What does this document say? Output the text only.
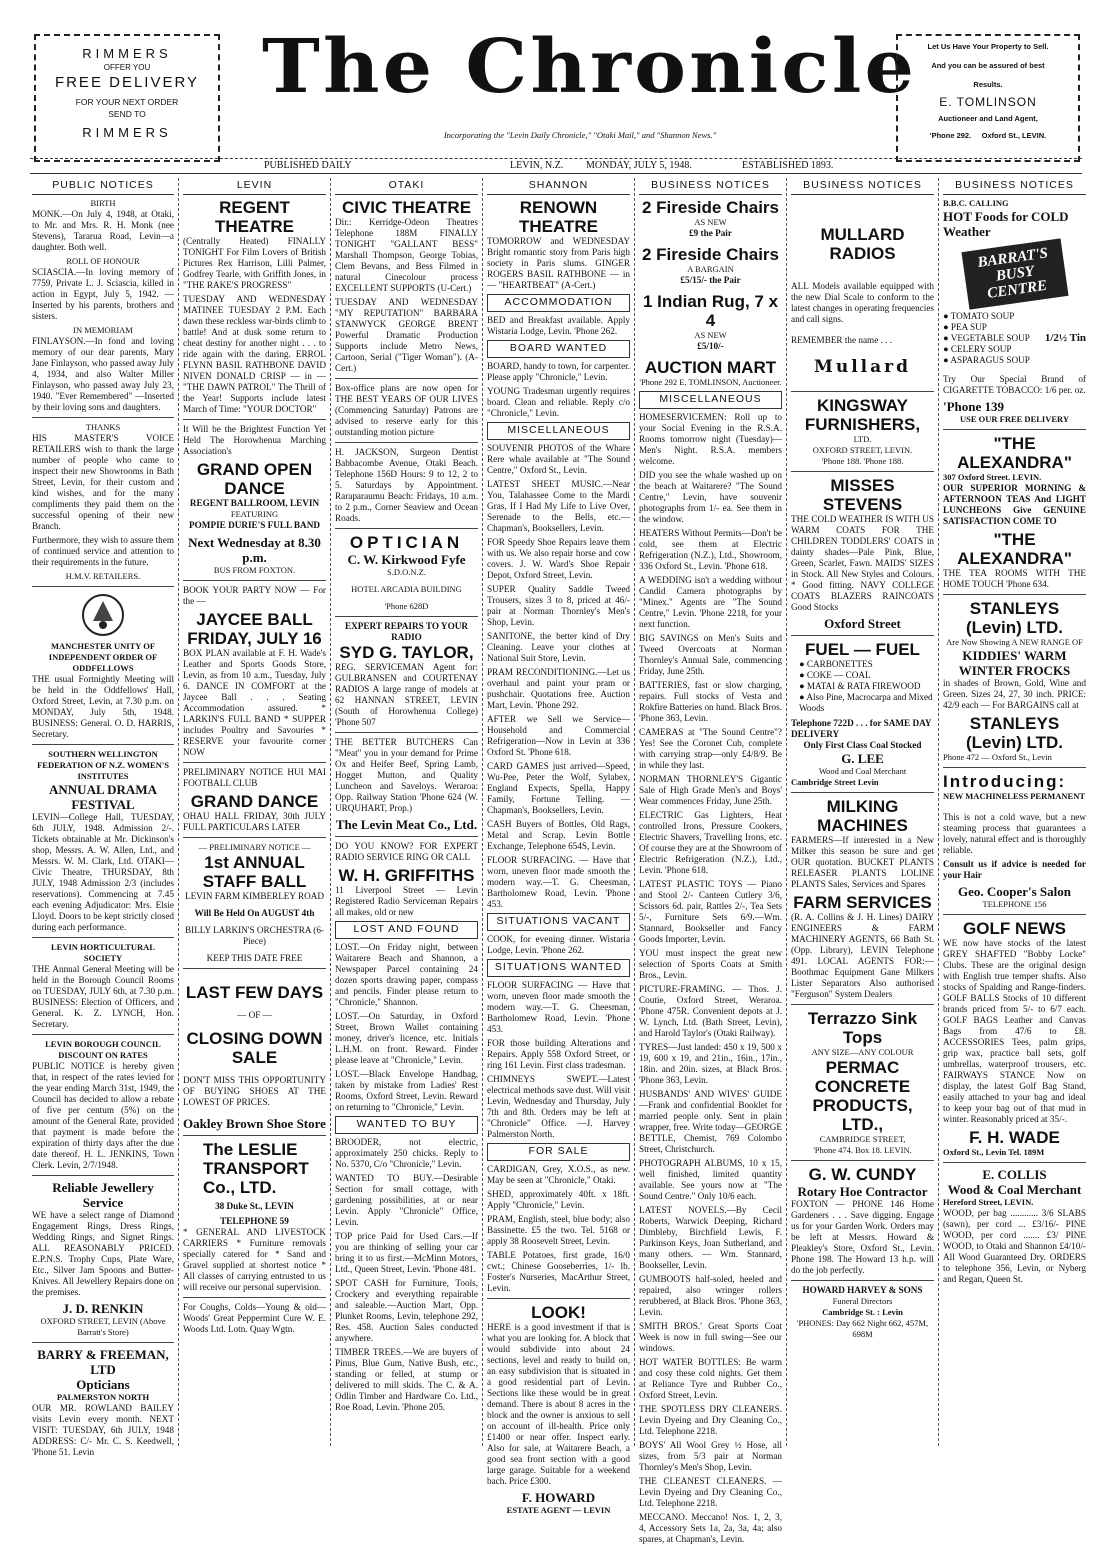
RIMMERS
OFFER YOU
FREE DELIVERY
FOR YOUR NEXT ORDER
SEND TO
RIMMERS
The Chronicle
Incorporating the "Levin Daily Chronicle," "Otaki Mail," and "Shannon News."
Let Us Have Your Property to Sell.
And you can be assured of best
Results.
E. TOMLINSON
Auctioneer and Land Agent,
'Phone 292. Oxford St., LEVIN.
PUBLISHED DAILY	LEVIN, N.Z. MONDAY, JULY 5, 1948.	ESTABLISHED 1893.
PUBLIC NOTICES
BIRTH

MONK.—On July 4, 1948, at Otaki, to Mr. and Mrs. R. H. Monk (nee Stevens), Tararua Road, Levin—a daughter. Both well.

ROLL OF HONOUR

SCIASCIA.—In loving memory of 7759, Private L. J. Sciascia, killed in action in Egypt, July 5, 1942. —Inserted by his parents, brothers and sisters.

IN MEMORIAM

FINLAYSON.—In fond and loving memory of our dear parents, Mary Jane Finlayson, who passed away July 4, 1934, and also Walter Miller Finlayson, who passed away July 23, 1940. "Ever Remembered" —Inserted by their loving sons and daughters.

THANKS

HIS MASTER'S VOICE RETAILERS wish to thank the large number of people who came to inspect their new Showrooms in Bath Street, Levin, for their custom and kind wishes, and for the many compliments they paid them on the successful opening of their new Branch.

Furthermore, they wish to assure them of continued service and attention to their requirements in the future.

H.M.V. RETAILERS.
MANCHESTER UNITY OF INDEPENDENT ORDER OF ODDFELLOWS

THE usual Fortnightly Meeting will be held in the Oddfellows' Hall, Oxford Street, Levin, at 7.30 p.m. on MONDAY, July 5th, 1948. BUSINESS: General. O. D. HARRIS, Secretary.

SOUTHERN WELLINGTON FEDERATION OF N.Z. WOMEN'S INSTITUTES
ANNUAL DRAMA FESTIVAL

LEVIN—College Hall, TUESDAY, 6th JULY, 1948. Admission 2/-. Tickets obtainable at Mr. Dickinson's shop, Messrs. A. W. Allen, Ltd., and Messrs. W. M. Clark, Ltd. OTAKI—Civic Theatre, THURSDAY, 8th JULY, 1948 Admission 2/3 (includes reservations). Commencing at 7.45 each evening Adjudicator: Mrs. Elsie Lloyd. Doors to be kept strictly closed during each performance.

LEVIN HORTICULTURAL SOCIETY

THE Annual General Meeting will be held in the Borough Council Rooms on TUESDAY, JULY 6th, at 7.30 p.m. BUSINESS: Election of Officers, and General. K. Z. LYNCH, Hon. Secretary.

LEVIN BOROUGH COUNCIL DISCOUNT ON RATES

PUBLIC NOTICE is hereby given that, in respect of the rates levied for the year ending March 31st, 1949, the Council has decided to allow a rebate of five per centum (5%) on the amount of the General Rate, provided that payment is made before the expiration of thirty days after the due date thereof. H. L. JENKINS, Town Clerk. Levin, 2/7/1948.

Reliable Jewellery Service

WE have a select range of Diamond Engagement Rings, Dress Rings, Wedding Rings, and Signet Rings. ALL REASONABLY PRICED. E.P.N.S. Trophy Cups, Plate Ware, Etc., Silver Jam Spoons and Butter-Knives. All Jewellery Repairs done on the premises.

J. D. RENKIN
OXFORD STREET, LEVIN (Above Barratt's Store)
BARRY & FREEMAN, LTD
Opticians
PALMERSTON NORTH

OUR MR. ROWLAND BAILEY visits Levin every month. NEXT VISIT: TUESDAY, 6th JULY, 1948 ADDRESS: C/- Mr. C. S. Keedwell, 'Phone 51. Levin

LEVIN
REGENT THEATRE

(Centrally Heated) FINALLY TONIGHT For Film Lovers of British Pictures Rex Harrison, Lilli Palmer, Godfrey Tearle, with Griffith Jones, in "THE RAKE'S PROGRESS"

TUESDAY AND WEDNESDAY MATINEE TUESDAY 2 P.M. Each dawn these reckless war-birds climb to battle! And at dusk some return to cheat destiny for another night . . . to ride again with the daring. ERROL FLYNN BASIL RATHBONE DAVID NIVEN DONALD CRISP — in — "THE DAWN PATROL" The Thrill of the Year! Supports include latest March of Time: "YOUR DOCTOR"

It Will be the Brightest Function Yet Held The Horowhenua Marching Association's

GRAND OPEN DANCE
REGENT BALLROOM, LEVIN
FEATURING
POMPIE DURIE'S FULL BAND
Next Wednesday at 8.30 p.m.
BUS FROM FOXTON.

BOOK YOUR PARTY NOW — For the —

JAYCEE BALL
FRIDAY, JULY 16

BOX PLAN available at F. H. Wade's Leather and Sports Goods Store, Levin, as from 10 a.m., Tuesday, July 6. DANCE IN COMFORT at the Jaycee Ball . . . Seating Accommodation assured. * LARKIN'S FULL BAND * SUPPER includes Poultry and Savouries * RESERVE your favourite corner NOW

PRELIMINARY NOTICE HUI MAI FOOTBALL CLUB

GRAND DANCE

OHAU HALL FRIDAY, 30th JULY FULL PARTICULARS LATER

— PRELIMINARY NOTICE —
1st ANNUAL STAFF BALL
LEVIN FARM KIMBERLEY ROAD
Will Be Held On AUGUST 4th
BILLY LARKIN'S ORCHESTRA (6-Piece)
KEEP THIS DATE FREE
LAST FEW DAYS
— OF —
CLOSING DOWN SALE

DON'T MISS THIS OPPORTUNITY OF BUYING SHOES AT THE LOWEST OF PRICES.

Oakley Brown Shoe Store
The LESLIE TRANSPORT Co., LTD.
38 Duke St., LEVIN
TELEPHONE 59

* GENERAL AND LIVESTOCK CARRIERS * Furniture removals specially catered for * Sand and Gravel supplied at shortest notice * All classes of carrying entrusted to us will receive our personal supervision.

For Coughs, Colds—Young & old—Woods' Great Peppermint Cure W. E. Woods Ltd. Lotn. Quay Wgtn.

OTAKI
CIVIC THEATRE

Dir.: Kerridge-Odeon Theatres Telephone 188M FINALLY TONIGHT "GALLANT BESS" Marshall Thompson, George Tobias, Clem Bevans, and Bess Filmed in natural Cinecolour process EXCELLENT SUPPORTS (U-Cert.)

TUESDAY AND WEDNESDAY "MY REPUTATION" BARBARA STANWYCK GEORGE BRENT Powerful Dramatic Production Supports include Metro News, Cartoon, Serial ("Tiger Woman"). (A-Cert.)

Box-office plans are now open for THE BEST YEARS OF OUR LIVES (Commencing Saturday) Patrons are advised to reserve early for this outstanding motion picture

H. JACKSON, Surgeon Dentist Babbacombe Avenue, Otaki Beach. Telephone 156D Hours: 9 to 12, 2 to 5. Saturdays by Appointment. Raraparaumu Beach: Fridays, 10 a.m. to 2 p.m., Corner Seaview and Ocean Roads.

OPTICIAN
C. W. Kirkwood Fyfe
S.D.O.N.Z.
HOTEL ARCADIA BUILDING
'Phone 628D
EXPERT REPAIRS TO YOUR RADIO
SYD G. TAYLOR,

REG. SERVICEMAN Agent for: GULBRANSEN and COURTENAY RADIOS A large range of models at 62 HANNAN STREET, LEVIN (South of Horowhenua College) 'Phone 507

THE BETTER BUTCHERS Can "Meat" you in your demand for Prime Ox and Heifer Beef, Spring Lamb, Hogget Mutton, and Quality Luncheon and Saveloys. Weraroa: Opp. Railway Station 'Phone 624 (W. URQUHART, Prop.)

The Levin Meat Co., Ltd.

DO YOU KNOW? FOR EXPERT RADIO SERVICE RING OR CALL

W. H. GRIFFITHS

11 Liverpool Street — Levin Registered Radio Serviceman Repairs all makes, old or new

LOST AND FOUND

LOST.—On Friday night, between Waitarere Beach and Shannon, a Newspaper Parcel containing 24 dozen sports drawing paper, compass and pencils. Finder please return to "Chronicle," Shannon.

LOST.—On Saturday, in Oxford Street, Brown Wallet containing money, driver's licence, etc. Initials L.H.M. on front. Reward. Finder please leave at "Chronicle," Levin.

LOST.—Black Envelope Handbag, taken by mistake from Ladies' Rest Rooms, Oxford Street, Levin. Reward on returning to "Chronicle," Levin.

WANTED TO BUY

BROODER, not electric, approximately 250 chicks. Reply to No. 5370, C/o "Chronicle," Levin.

WANTED TO BUY.—Desirable Section for small cottage, with gardening possibilities, at or near Levin. Apply "Chronicle" Office, Levin.

TOP price Paid for Used Cars.—If you are thinking of selling your car bring it to us first.—McMinn Motors, Ltd., Queen Street, Levin. 'Phone 481.

SPOT CASH for Furniture, Tools, Crockery and everything repairable and saleable.—Auction Mart, Opp. Plunket Rooms, Levin, telephone 292, Res. 458. Auction Sales conducted anywhere.

TIMBER TREES.—We are buyers of Pinus, Blue Gum, Native Bush, etc., standing or felled, at stump or delivered to mill skids. The C. & A. Odlin Timber and Hardware Co. Ltd., Roe Road, Levin. 'Phone 205.

SHANNON
RENOWN THEATRE

TOMORROW and WEDNESDAY Bright romantic story from Paris high society in Paris slums. GINGER ROGERS BASIL RATHBONE — in — "HEARTBEAT" (A-Cert.)

ACCOMMODATION

BED and Breakfast available. Apply Wistaria Lodge, Levin. 'Phone 262.

BOARD WANTED

BOARD, handy to town, for carpenter. Please apply "Chronicle," Levin.

YOUNG Tradesman urgently requires board. Clean and reliable. Reply c/o "Chronicle," Levin.

MISCELLANEOUS

SOUVENIR PHOTOS of the Whare Rere whale available at "The Sound Centre," Oxford St., Levin.

LATEST SHEET MUSIC.—Near You, Talahassee Come to the Mardi Gras, If I Had My Life to Live Over, Serenade to the Bells, etc.—Chapman's, Booksellers, Levin.

FOR Speedy Shoe Repairs leave them with us. We also repair horse and cow covers. J. W. Ward's Shoe Repair Depot, Oxford Street, Levin.

SUPER Quality Saddle Tweed Trousers, sizes 3 to 8, priced at 46/- pair at Norman Thornley's Men's Shop, Levin.

SANITONE, the better kind of Dry Cleaning. Leave your clothes at National Suit Store, Levin.

PRAM RECONDITIONING.—Let us overhaul and paint your pram or pushchair. Quotations free. Auction Mart, Levin. 'Phone 292.

AFTER we Sell we Service—Household and Commercial Refrigeration—Now in Levin at 336 Oxford St. 'Phone 618.

CARD GAMES just arrived—Speed, Wu-Pee, Peter the Wolf, Sylabex, England Expects, Spella, Happy Family, Fortune Telling. — Chapman's, Booksellers, Levin.

CASH Buyers of Bottles, Old Rags, Metal and Scrap. Levin Bottle Exchange, Telephone 654S, Levin.

FLOOR SURFACING. — Have that worn, uneven floor made smooth the modern way.—T. G. Cheesman, Bartholomew Road, Levin. 'Phone 453.

SITUATIONS VACANT

COOK, for evening dinner. Wistaria Lodge, Levin. 'Phone 262.

SITUATIONS WANTED

FLOOR SURFACING — Have that worn, uneven floor made smooth the modern way.—T. G. Cheesman, Bartholomew Road, Levin. 'Phone 453.

FOR those building Alterations and Repairs. Apply 558 Oxford Street, or ring 161 Levin. First class tradesman.

CHIMNEYS SWEPT.—Latest electrical methods save dust. Will visit Levin, Wednesday and Thursday, July 7th and 8th. Orders may be left at "Chronicle" Office. —J. Harvey Palmerston North.

FOR SALE

CARDIGAN, Grey, X.O.S., as new. May be seen at "Chronicle," Otaki.

SHED, approximately 40ft. x 18ft. Apply "Chronicle," Levin.

PRAM, English, steel, blue body; also Bassinette. £5 the two. Tel. 5168 or apply 38 Roosevelt Street, Levin.

TABLE Potatoes, first grade, 16/0 cwt.; Chinese Gooseberries, 1/- lb. Foster's Nurseries, MacArthur Street, Levin.

LOOK!

HERE is a good investment if that is what you are looking for. A block that would subdivide into about 24 sections, level and ready to build on, an easy subdivision that is situated in a good residential part of Levin. Sections like these would be in great demand. There is about 8 acres in the block and the owner is anxious to sell on account of ill-health. Price only £1400 or near offer. Inspect early. Also for sale, at Waitarere Beach, a good sea front section with a good large garage. Suitable for a weekend bach. Price £300.

F. HOWARD
ESTATE AGENT — LEVIN
BUSINESS NOTICES
2 Fireside Chairs
AS NEW
£9 the Pair
2 Fireside Chairs
A BARGAIN
£5/15/- the Pair
1 Indian Rug, 7 x 4
AS NEW
£5/10/-
AUCTION MART
'Phone 292 E. TOMLINSON, Auctioneer.
MISCELLANEOUS

HOMESERVICEMEN: Roll up to your Social Evening in the R.S.A. Rooms tomorrow night (Tuesday)—Men's Night. R.S.A. members welcome.

DID you see the whale washed up on the beach at Waitarere? "The Sound Centre," Levin, have souvenir photographs from 1/- ea. See them in the window.

HEATERS Without Permits—Don't be cold, see them at Electric Refrigeration (N.Z.), Ltd., Showroom, 336 Oxford St., Levin. 'Phone 618.

A WEDDING isn't a wedding without Candid Camera photographs by "Minex." Agents are "The Sound Centre," Levin. 'Phone 2218, for your next function.

BIG SAVINGS on Men's Suits and Tweed Overcoats at Norman Thornley's Annual Sale, commencing Friday, June 25th.

BATTERIES, fast or slow charging, repairs. Full stocks of Vesta and Rokfire Batteries on hand. Black Bros. 'Phone 363, Levin.

CAMERAS at "The Sound Centre"? Yes! See the Coronet Cub, complete with carrying strap—only £4/8/9. Be in while they last.

NORMAN THORNLEY'S Gigantic Sale of High Grade Men's and Boys' Wear commences Friday, June 25th.

ELECTRIC Gas Lighters, Heat controlled Irons, Pressure Cookers, Electric Shavers, Travelling Irons, etc. Of course they are at the Showroom of Electric Refrigeration (N.Z.), Ltd., Levin. 'Phone 618.

LATEST PLASTIC TOYS — Piano and Stool 2/- Canteen Cutlery 3/6, Scissors 6d. pair, Rattles 2/-, Tea Sets 5/-, Furniture Sets 6/9.—Wm. Stannard, Bookseller and Fancy Goods Importer, Levin.

YOU must inspect the great new selection of Sports Coats at Smith Bros., Levin.

PICTURE-FRAMING. — Thos. J. Coutie, Oxford Street, Weraroa. 'Phone 475R. Convenient depots at J. W. Lynch, Ltd. (Bath Street, Levin), and Harold Taylor's (Otaki Railway).

TYRES—Just landed: 450 x 19, 500 x 19, 600 x 19, and 21in., 16in., 17in., 18in. and 20in. sizes, at Black Bros. 'Phone 363, Levin.

HUSBANDS' AND WIVES' GUIDE—Frank and confidential Booklet for married people only. Sent in plain wrapper, free. Write today—GEORGE BETTLE, Chemist, 769 Colombo Street, Christchurch.

PHOTOGRAPH ALBUMS, 10 x 15, well finished, limited quantity available. See yours now at "The Sound Centre." Only 10/6 each.

LATEST NOVELS.—By Cecil Roberts, Warwick Deeping, Richard Dimbleby, Birchfield Lewis, F. Parkinson Keys, Joan Sutherland, and many others. — Wm. Stannard, Bookseller, Levin.

GUMBOOTS half-soled, heeled and repaired, also wringer rollers rerubbered, at Black Bros. 'Phone 363, Levin.

SMITH BROS.' Great Sports Coat Week is now in full swing—See our windows.

HOT WATER BOTTLES: Be warm and cosy these cold nights. Get them at Reliance Tyre and Rubber Co., Oxford Street, Levin.

THE SPOTLESS DRY CLEANERS. Levin Dyeing and Dry Cleaning Co., Ltd. Telephone 2218.

BOYS' All Wool Grey ½ Hose, all sizes, from 5/3 pair at Norman Thornley's Men's Shop, Levin.

THE CLEANEST CLEANERS. — Levin Dyeing and Dry Cleaning Co., Ltd. Telephone 2218.

MECCANO. Meccano! Nos. 1, 2, 3, 4, Accessory Sets 1a, 2a, 3a, 4a; also spares, at Chapman's, Levin.

BUSINESS NOTICES
MULLARD RADIOS

ALL Models available equipped with the new Dial Scale to conform to the latest changes in operating frequencies and call signs.

REMEMBER the name . . .
Mullard
KINGSWAY FURNISHERS,
LTD.
OXFORD STREET, LEVIN.
'Phone 188. 'Phone 188.
MISSES STEVENS

THE COLD WEATHER IS WITH US WARM COATS FOR THE CHILDREN TODDLERS' COATS in dainty shades—Pale Pink, Blue, Green, Scarlet, Fawn. MAIDS' SIZES in Stock. All New Styles and Colours. * Good fitting. NAVY COLLEGE COATS BLAZERS RAINCOATS Good Stocks

Oxford Street
FUEL — FUEL
● CARBONETTES
● COKE — COAL
● MATAI & RATA FIREWOOD
● Also Pine, Macrocarpa and Mixed Woods
Telephone 722D . . . for SAME DAY DELIVERY
Only First Class Coal Stocked
G. LEE
Wood and Coal Merchant
Cambridge Street Levin
MILKING MACHINES

FARMERS—If interested in a New Milker this season be sure and get OUR quotation. BUCKET PLANTS RELEASER PLANTS LOLINE PLANTS Sales, Services and Spares

FARM SERVICES

(R. A. Collins & J. H. Lines) DAIRY ENGINEERS & FARM MACHINERY AGENTS, 66 Bath St. (Opp. Library), LEVIN Telephone 491. LOCAL AGENTS FOR:— Boothmac Equipment Gane Milkers Lister Separators Also authorised "Ferguson" System Dealers

Terrazzo Sink Tops
ANY SIZE—ANY COLOUR
PERMAC CONCRETE PRODUCTS, LTD.,
CAMBRIDGE STREET,
'Phone 474. Box 18. LEVIN.
G. W. CUNDY
Rotary Hoe Contractor

FOXTON — PHONE 146 Home Gardeners . . . Save digging. Engage us for your Garden Work. Orders may be left at Messrs. Howard & Pleakley's Store, Oxford St., Levin. Phone 198. The Howard 13 h.p. will do the job perfectly.

HOWARD HARVEY & SONS
Funeral Directors
Cambridge St. : Levin
'PHONES: Day 662 Night 662, 457M, 698M
BUSINESS NOTICES
B.B.C. CALLING
HOT Foods for COLD Weather
BARRAT'S BUSY CENTRE
● TOMATO SOUP
● PEA SUP
● VEGETABLE SOUP
● CELERY SOUP
● ASPARAGUS SOUP
1/2½ Tin

Try Our Special Brand of CIGARETTE TOBACCO: 1/6 per. oz.

'Phone 139
USE OUR FREE DELIVERY
"THE ALEXANDRA"
307 Oxford Street. LEVIN.

OUR SUPERIOR MORNING & AFTERNOON TEAS And LIGHT LUNCHEONS Give GENUINE SATISFACTION COME TO

"THE ALEXANDRA"

THE TEA ROOMS WITH THE HOME TOUCH 'Phone 634.

STANLEYS (Levin) LTD.
Are Now Showing A NEW RANGE OF
KIDDIES' WARM WINTER FROCKS

in shades of Brown, Gold, Wine and Green. Sizes 24, 27, 30 inch. PRICE: 42/9 each — For BARGAINS call at

STANLEYS (Levin) LTD.
Phone 472 — Oxford St., Levin
Introducing:
NEW MACHINELESS PERMANENT

This is not a cold wave, but a new steaming process that guarantees a lovely, natural effect and is thoroughly reliable.

Consult us if advice is needed for your Hair

Geo. Cooper's Salon
TELEPHONE 156
GOLF NEWS

WE now have stocks of the latest GREY SHAFTED "Bobby Locke" Clubs. These are the original design with English true temper shafts. Also stocks of Spalding and Range-finders. GOLF BALLS Stocks of 10 different brands priced from 5/- to 6/7 each. GOLF BAGS Leather and Canvas Bags from 47/6 to £8. ACCESSORIES Tees, palm grips, grip wax, practice ball sets, golf umbrellas, waterproof trousers, etc. FAIRWAYS STANCE Now on display, the latest Golf Bag Stand, easily attached to your bag and ideal to keep your bag out of that mud in winter. Reasonably priced at 35/-.

F. H. WADE
Oxford St., Levin Tel. 189M
E. COLLIS
Wood & Coal Merchant
Hereford Street, LEVIN.

WOOD, per bag ............ 3/6 SLABS (sawn), per cord ... £3/16/- PINE WOOD, per cord ....... £3/ PINE WOOD, to Otaki and Shannon £4/10/- All Wood Guaranteed Dry. ORDERS to telephone 356, Levin, or Nyberg and Regan, Queen St.
